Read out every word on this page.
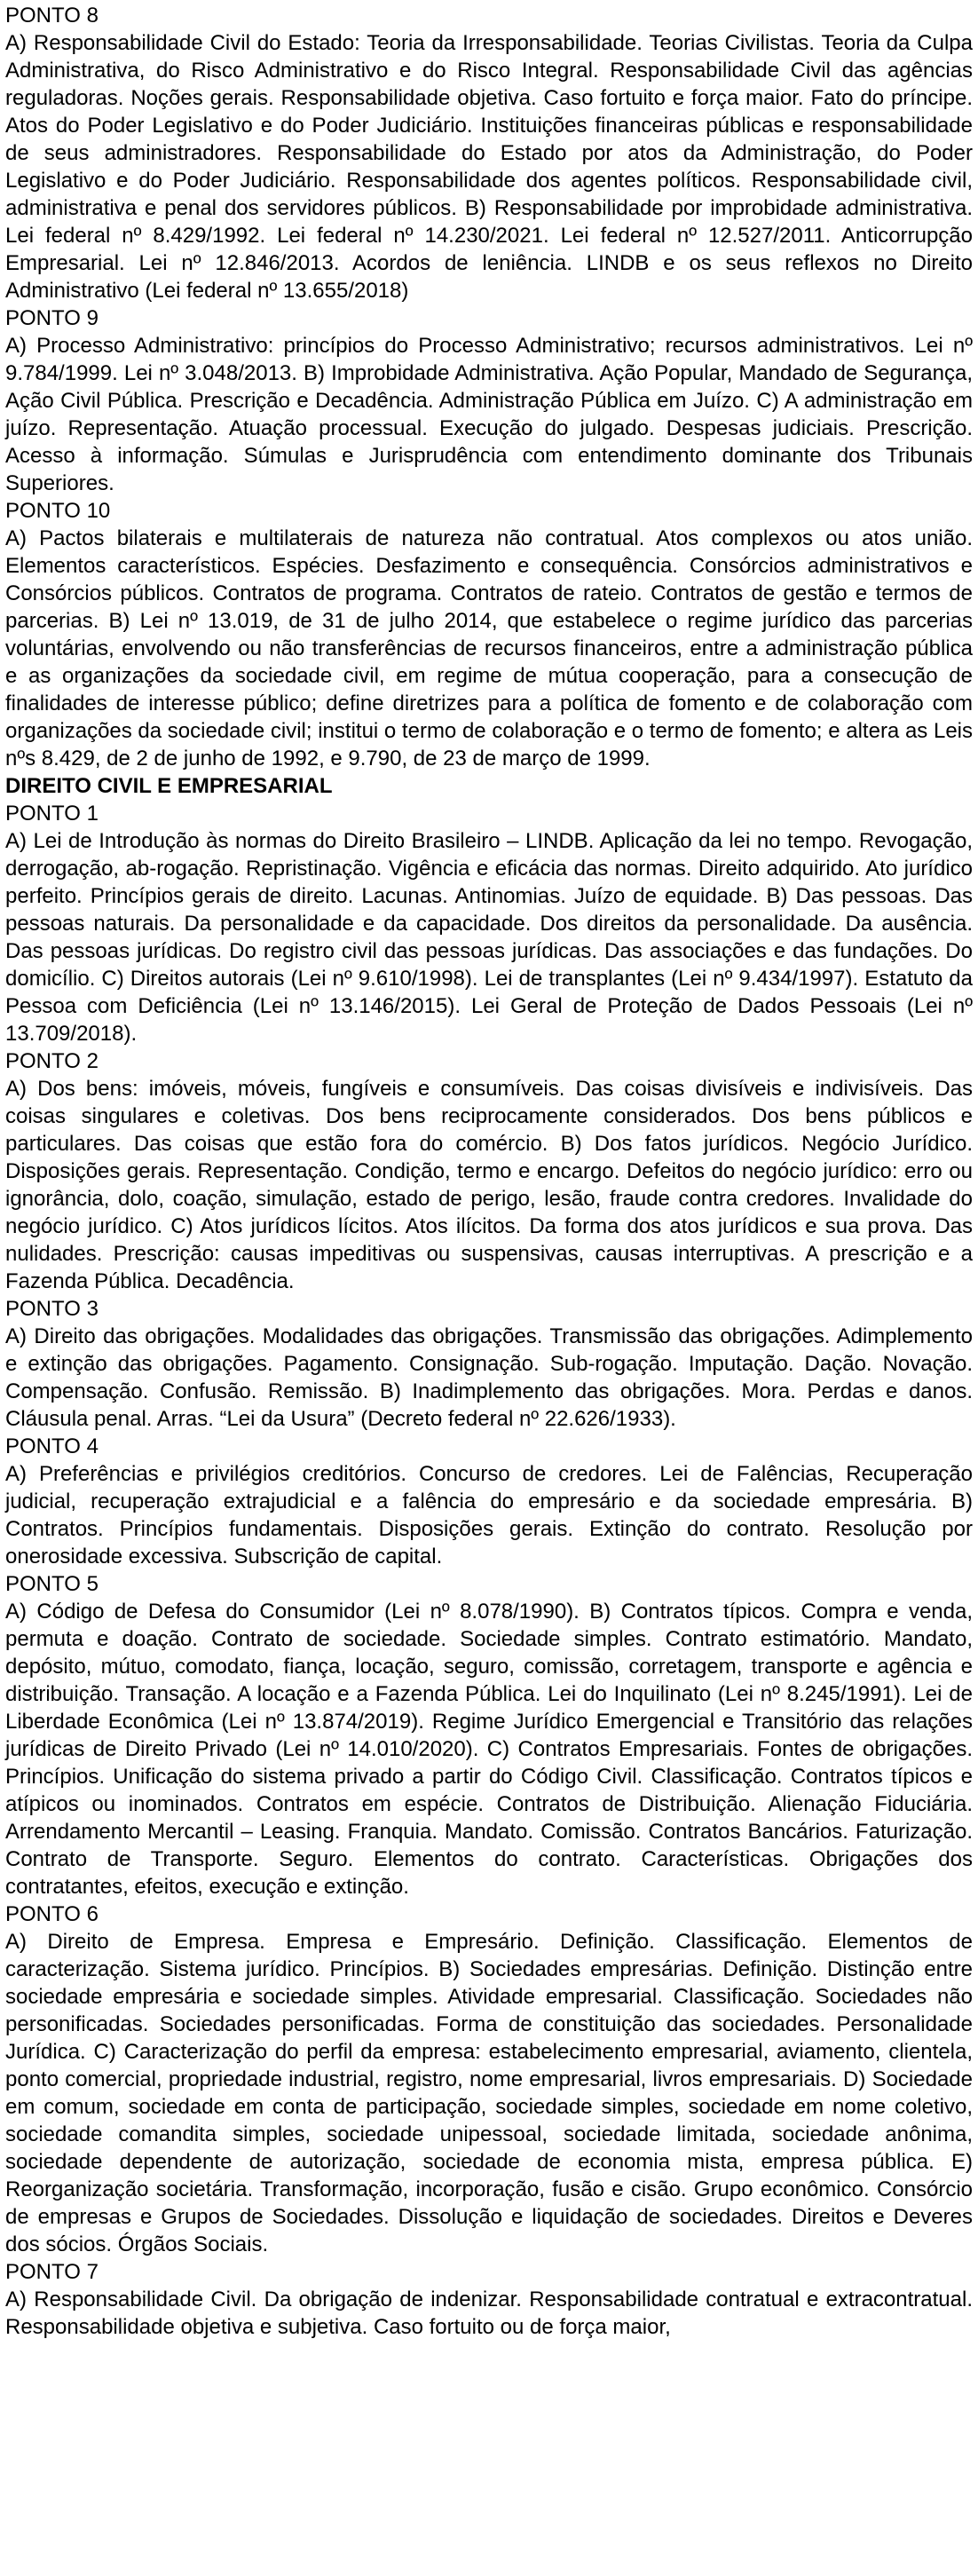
PONTO 8

A) Responsabilidade Civil do Estado: Teoria da Irresponsabilidade. Teorias Civilistas. Teoria da Culpa Administrativa, do Risco Administrativo e do Risco Integral. Responsabilidade Civil das agências reguladoras. Noções gerais. Responsabilidade objetiva. Caso fortuito e força maior. Fato do príncipe. Atos do Poder Legislativo e do Poder Judiciário. Instituições financeiras públicas e responsabilidade de seus administradores. Responsabilidade do Estado por atos da Administração, do Poder Legislativo e do Poder Judiciário. Responsabilidade dos agentes políticos. Responsabilidade civil, administrativa e penal dos servidores públicos. B) Responsabilidade por improbidade administrativa. Lei federal nº 8.429/1992. Lei federal nº 14.230/2021. Lei federal nº 12.527/2011. Anticorrupção Empresarial. Lei nº 12.846/2013. Acordos de leniência. LINDB e os seus reflexos no Direito Administrativo (Lei federal nº 13.655/2018)

PONTO 9

A) Processo Administrativo: princípios do Processo Administrativo; recursos administrativos. Lei nº 9.784/1999. Lei nº 3.048/2013. B) Improbidade Administrativa. Ação Popular, Mandado de Segurança, Ação Civil Pública. Prescrição e Decadência. Administração Pública em Juízo. C) A administração em juízo. Representação. Atuação processual. Execução do julgado. Despesas judiciais. Prescrição. Acesso à informação. Súmulas e Jurisprudência com entendimento dominante dos Tribunais Superiores.

PONTO 10

A) Pactos bilaterais e multilaterais de natureza não contratual. Atos complexos ou atos união. Elementos característicos. Espécies. Desfazimento e consequência. Consórcios administrativos e Consórcios públicos. Contratos de programa. Contratos de rateio. Contratos de gestão e termos de parcerias. B) Lei nº 13.019, de 31 de julho 2014, que estabelece o regime jurídico das parcerias voluntárias, envolvendo ou não transferências de recursos financeiros, entre a administração pública e as organizações da sociedade civil, em regime de mútua cooperação, para a consecução de finalidades de interesse público; define diretrizes para a política de fomento e de colaboração com organizações da sociedade civil; institui o termo de colaboração e o termo de fomento; e altera as Leis nºs 8.429, de 2 de junho de 1992, e 9.790, de 23 de março de 1999.

DIREITO CIVIL E EMPRESARIAL

PONTO 1

A) Lei de Introdução às normas do Direito Brasileiro – LINDB. Aplicação da lei no tempo. Revogação, derrogação, ab-rogação. Repristinação. Vigência e eficácia das normas. Direito adquirido. Ato jurídico perfeito. Princípios gerais de direito. Lacunas. Antinomias. Juízo de equidade. B) Das pessoas. Das pessoas naturais. Da personalidade e da capacidade. Dos direitos da personalidade. Da ausência. Das pessoas jurídicas. Do registro civil das pessoas jurídicas. Das associações e das fundações. Do domicílio. C) Direitos autorais (Lei nº 9.610/1998). Lei de transplantes (Lei nº 9.434/1997). Estatuto da Pessoa com Deficiência (Lei nº 13.146/2015). Lei Geral de Proteção de Dados Pessoais (Lei nº 13.709/2018).

PONTO 2

A) Dos bens: imóveis, móveis, fungíveis e consumíveis. Das coisas divisíveis e indivisíveis. Das coisas singulares e coletivas. Dos bens reciprocamente considerados. Dos bens públicos e particulares. Das coisas que estão fora do comércio. B) Dos fatos jurídicos. Negócio Jurídico. Disposições gerais. Representação. Condição, termo e encargo. Defeitos do negócio jurídico: erro ou ignorância, dolo, coação, simulação, estado de perigo, lesão, fraude contra credores. Invalidade do negócio jurídico. C) Atos jurídicos lícitos. Atos ilícitos. Da forma dos atos jurídicos e sua prova. Das nulidades. Prescrição: causas impeditivas ou suspensivas, causas interruptivas. A prescrição e a Fazenda Pública. Decadência.

PONTO 3

A) Direito das obrigações. Modalidades das obrigações. Transmissão das obrigações. Adimplemento e extinção das obrigações. Pagamento. Consignação. Sub-rogação. Imputação. Dação. Novação. Compensação. Confusão. Remissão. B) Inadimplemento das obrigações. Mora. Perdas e danos. Cláusula penal. Arras. “Lei da Usura” (Decreto federal nº 22.626/1933).

PONTO 4

A) Preferências e privilégios creditórios. Concurso de credores. Lei de Falências, Recuperação judicial, recuperação extrajudicial e a falência do empresário e da sociedade empresária. B) Contratos. Princípios fundamentais. Disposições gerais. Extinção do contrato. Resolução por onerosidade excessiva. Subscrição de capital.

PONTO 5

A) Código de Defesa do Consumidor (Lei nº 8.078/1990). B) Contratos típicos. Compra e venda, permuta e doação. Contrato de sociedade. Sociedade simples. Contrato estimatório. Mandato, depósito, mútuo, comodato, fiança, locação, seguro, comissão, corretagem, transporte e agência e distribuição. Transação. A locação e a Fazenda Pública. Lei do Inquilinato (Lei nº 8.245/1991). Lei de Liberdade Econômica (Lei nº 13.874/2019). Regime Jurídico Emergencial e Transitório das relações jurídicas de Direito Privado (Lei nº 14.010/2020). C) Contratos Empresariais. Fontes de obrigações. Princípios. Unificação do sistema privado a partir do Código Civil. Classificação. Contratos típicos e atípicos ou inominados. Contratos em espécie. Contratos de Distribuição. Alienação Fiduciária. Arrendamento Mercantil – Leasing. Franquia. Mandato. Comissão. Contratos Bancários. Faturização. Contrato de Transporte. Seguro. Elementos do contrato. Características. Obrigações dos contratantes, efeitos, execução e extinção.

PONTO 6

A) Direito de Empresa. Empresa e Empresário. Definição. Classificação. Elementos de caracterização. Sistema jurídico. Princípios. B) Sociedades empresárias. Definição. Distinção entre sociedade empresária e sociedade simples. Atividade empresarial. Classificação. Sociedades não personificadas. Sociedades personificadas. Forma de constituição das sociedades. Personalidade Jurídica. C) Caracterização do perfil da empresa: estabelecimento empresarial, aviamento, clientela, ponto comercial, propriedade industrial, registro, nome empresarial, livros empresariais. D) Sociedade em comum, sociedade em conta de participação, sociedade simples, sociedade em nome coletivo, sociedade comandita simples, sociedade unipessoal, sociedade limitada, sociedade anônima, sociedade dependente de autorização, sociedade de economia mista, empresa pública. E) Reorganização societária. Transformação, incorporação, fusão e cisão. Grupo econômico. Consórcio de empresas e Grupos de Sociedades. Dissolução e liquidação de sociedades. Direitos e Deveres dos sócios. Órgãos Sociais.

PONTO 7

A) Responsabilidade Civil. Da obrigação de indenizar. Responsabilidade contratual e extracontratual. Responsabilidade objetiva e subjetiva. Caso fortuito ou de força maior,
